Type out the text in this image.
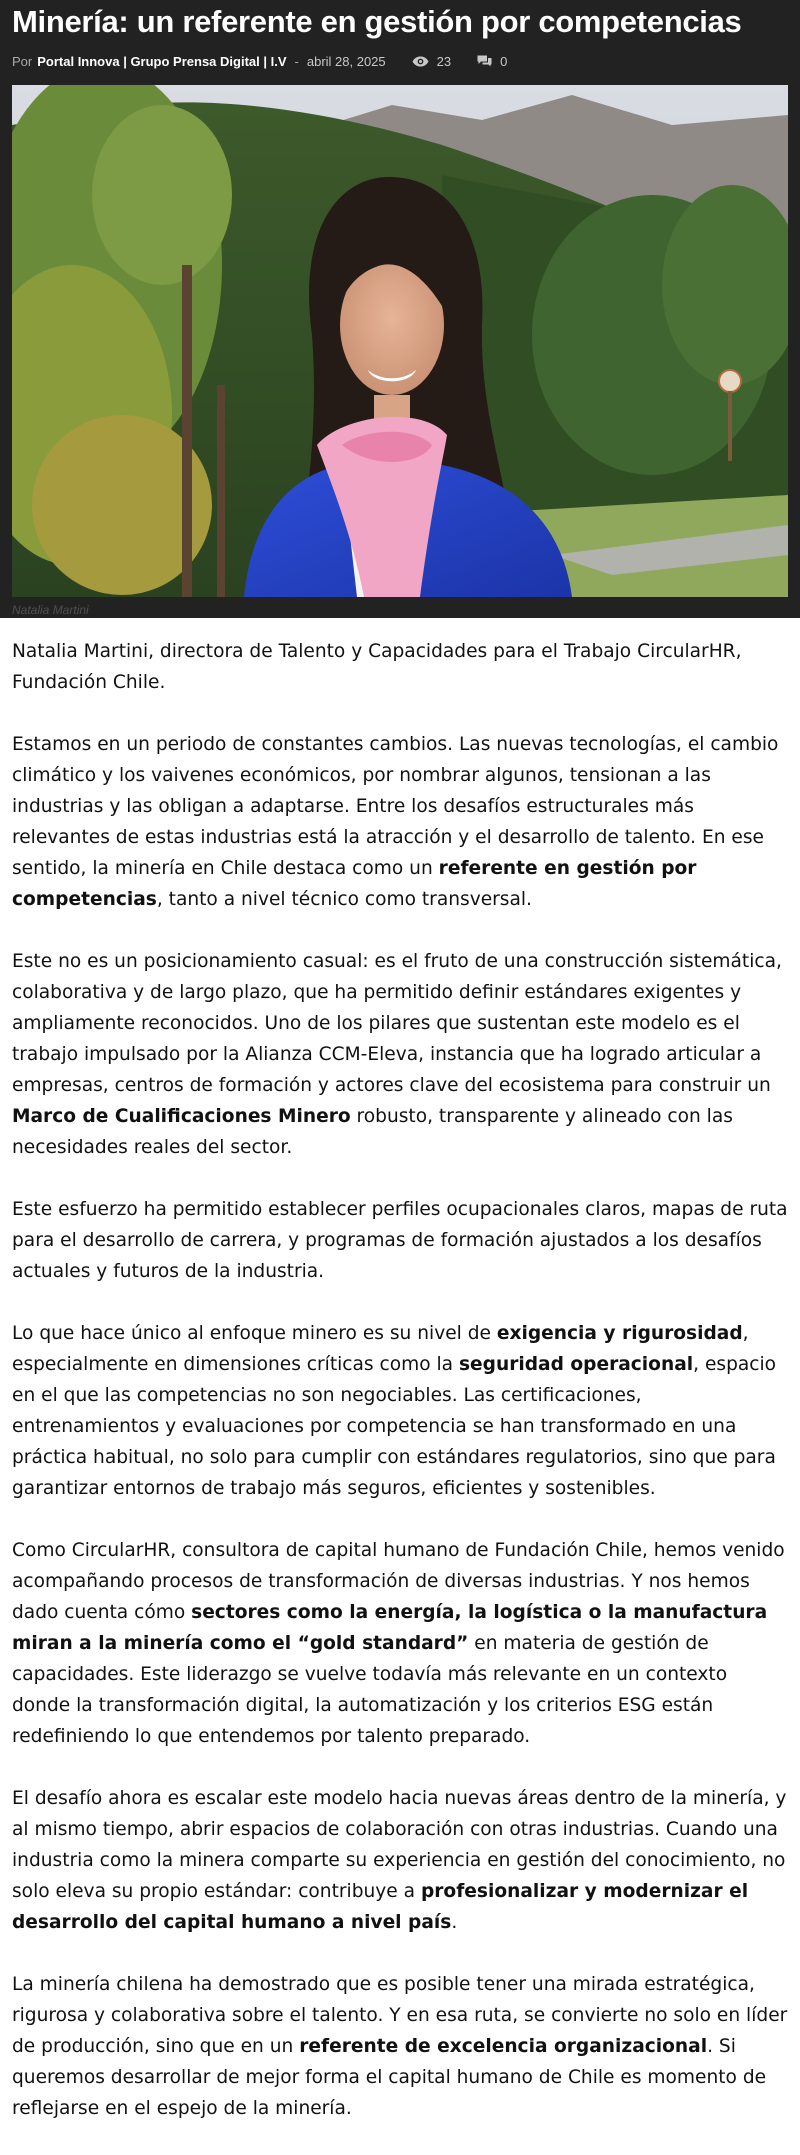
Minería: un referente en gestión por competencias
Por Portal Innova | Grupo Prensa Digital | I.V - abril 28, 2025	23	0
Natalia Martini

Natalia Martini, directora de Talento y Capacidades para el Trabajo CircularHR, Fundación Chile.

Estamos en un periodo de constantes cambios. Las nuevas tecnologías, el cambio climático y los vaivenes económicos, por nombrar algunos, tensionan a las industrias y las obligan a adaptarse. Entre los desafíos estructurales más relevantes de estas industrias está la atracción y el desarrollo de talento. En ese sentido, la minería en Chile destaca como un referente en gestión por competencias, tanto a nivel técnico como transversal.

Este no es un posicionamiento casual: es el fruto de una construcción sistemática, colaborativa y de largo plazo, que ha permitido definir estándares exigentes y ampliamente reconocidos. Uno de los pilares que sustentan este modelo es el trabajo impulsado por la Alianza CCM-Eleva, instancia que ha logrado articular a empresas, centros de formación y actores clave del ecosistema para construir un Marco de Cualificaciones Minero robusto, transparente y alineado con las necesidades reales del sector.

Este esfuerzo ha permitido establecer perfiles ocupacionales claros, mapas de ruta para el desarrollo de carrera, y programas de formación ajustados a los desafíos actuales y futuros de la industria.

Lo que hace único al enfoque minero es su nivel de exigencia y rigurosidad, especialmente en dimensiones críticas como la seguridad operacional, espacio en el que las competencias no son negociables. Las certificaciones, entrenamientos y evaluaciones por competencia se han transformado en una práctica habitual, no solo para cumplir con estándares regulatorios, sino que para garantizar entornos de trabajo más seguros, eficientes y sostenibles.

Como CircularHR, consultora de capital humano de Fundación Chile, hemos venido acompañando procesos de transformación de diversas industrias. Y nos hemos dado cuenta cómo sectores como la energía, la logística o la manufactura miran a la minería como el “gold standard” en materia de gestión de capacidades. Este liderazgo se vuelve todavía más relevante en un contexto donde la transformación digital, la automatización y los criterios ESG están redefiniendo lo que entendemos por talento preparado.

El desafío ahora es escalar este modelo hacia nuevas áreas dentro de la minería, y al mismo tiempo, abrir espacios de colaboración con otras industrias. Cuando una industria como la minera comparte su experiencia en gestión del conocimiento, no solo eleva su propio estándar: contribuye a profesionalizar y modernizar el desarrollo del capital humano a nivel país.

La minería chilena ha demostrado que es posible tener una mirada estratégica, rigurosa y colaborativa sobre el talento. Y en esa ruta, se convierte no solo en líder de producción, sino que en un referente de excelencia organizacional. Si queremos desarrollar de mejor forma el capital humano de Chile es momento de reflejarse en el espejo de la minería.
